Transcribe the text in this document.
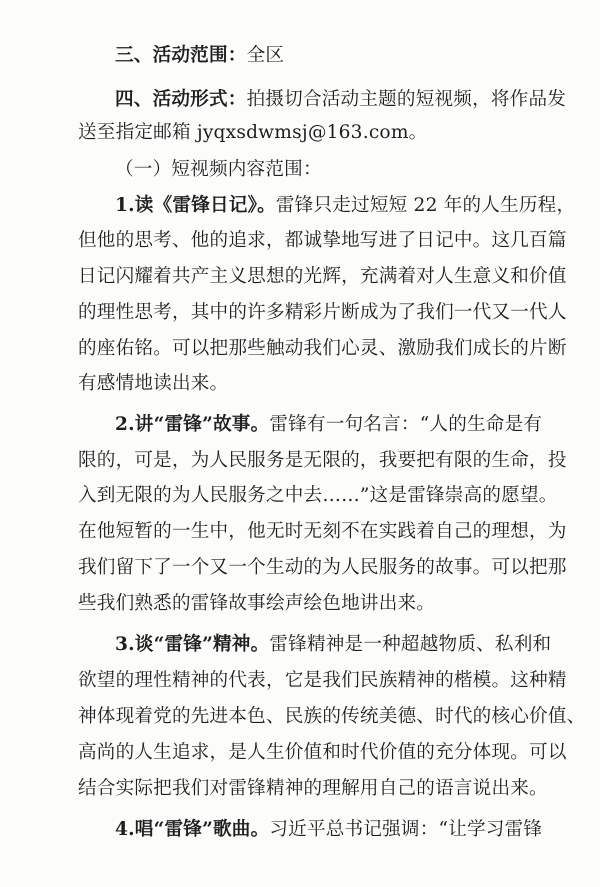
三、活动范围：全区
四、活动形式：拍摄切合活动主题的短视频，将作品发
送至指定邮箱 jyqxsdwmsj@163.com。
（一）短视频内容范围：
1.读《雷锋日记》。雷锋只走过短短 22 年的人生历程，
但他的思考、他的追求，都诚挚地写进了日记中。这几百篇
日记闪耀着共产主义思想的光辉，充满着对人生意义和价值
的理性思考，其中的许多精彩片断成为了我们一代又一代人
的座佑铭。可以把那些触动我们心灵、激励我们成长的片断
有感情地读出来。
2.讲“雷锋”故事。雷锋有一句名言：“人的生命是有
限的，可是，为人民服务是无限的，我要把有限的生命，投
入到无限的为人民服务之中去……”这是雷锋崇高的愿望。
在他短暂的一生中，他无时无刻不在实践着自己的理想，为
我们留下了一个又一个生动的为人民服务的故事。可以把那
些我们熟悉的雷锋故事绘声绘色地讲出来。
3.谈“雷锋”精神。雷锋精神是一种超越物质、私利和
欲望的理性精神的代表，它是我们民族精神的楷模。这种精
神体现着党的先进本色、民族的传统美德、时代的核心价值、
高尚的人生追求，是人生价值和时代价值的充分体现。可以
结合实际把我们对雷锋精神的理解用自己的语言说出来。
4.唱“雷锋”歌曲。习近平总书记强调：“让学习雷锋
